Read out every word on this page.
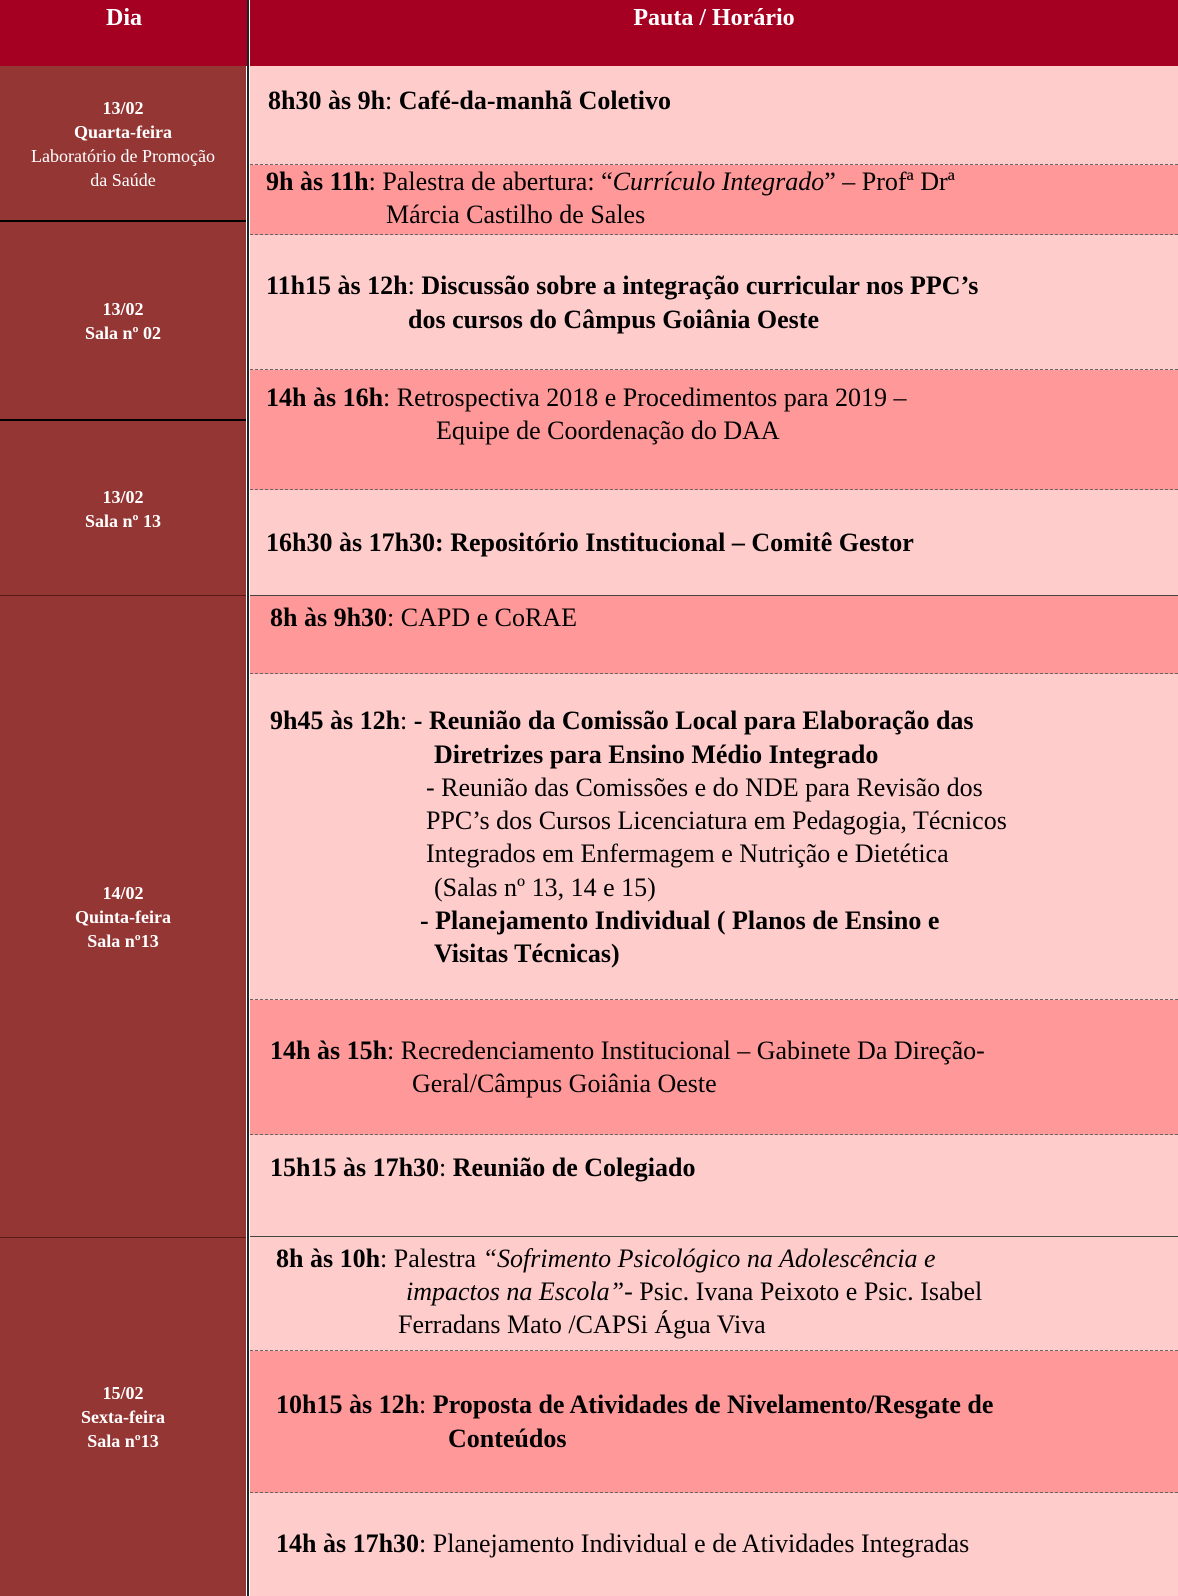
Dia	Pauta / Horário
13/02
Quarta-feira
Laboratório de Promoção
da Saúde
13/02
Sala nº 02
13/02
Sala nº 13
14/02
Quinta-feira
Sala nº13
15/02
Sexta-feira
Sala nº13
8h30 às 9h: Café-da-manhã Coletivo
9h às 11h: Palestra de abertura: “Currículo Integrado” – Profª Drª
Márcia Castilho de Sales
11h15 às 12h: Discussão sobre a integração curricular nos PPC’s
dos cursos do Câmpus Goiânia Oeste
14h às 16h: Retrospectiva 2018 e Procedimentos para 2019 –
Equipe de Coordenação do DAA
16h30 às 17h30: Repositório Institucional – Comitê Gestor
8h às 9h30: CAPD e CoRAE
9h45 às 12h: - Reunião da Comissão Local para Elaboração das
Diretrizes para Ensino Médio Integrado
- Reunião das Comissões e do NDE para Revisão dos
PPC’s dos Cursos Licenciatura em Pedagogia, Técnicos
Integrados em Enfermagem e Nutrição e Dietética
(Salas nº 13, 14 e 15)
- Planejamento Individual ( Planos de Ensino e
Visitas Técnicas)
14h às 15h: Recredenciamento Institucional – Gabinete Da Direção-
Geral/Câmpus Goiânia Oeste
15h15 às 17h30: Reunião de Colegiado
8h às 10h: Palestra “Sofrimento Psicológico na Adolescência e
impactos na Escola”- Psic. Ivana Peixoto e Psic. Isabel
Ferradans Mato /CAPSi Água Viva
10h15 às 12h: Proposta de Atividades de Nivelamento/Resgate de
Conteúdos
14h às 17h30: Planejamento Individual e de Atividades Integradas
